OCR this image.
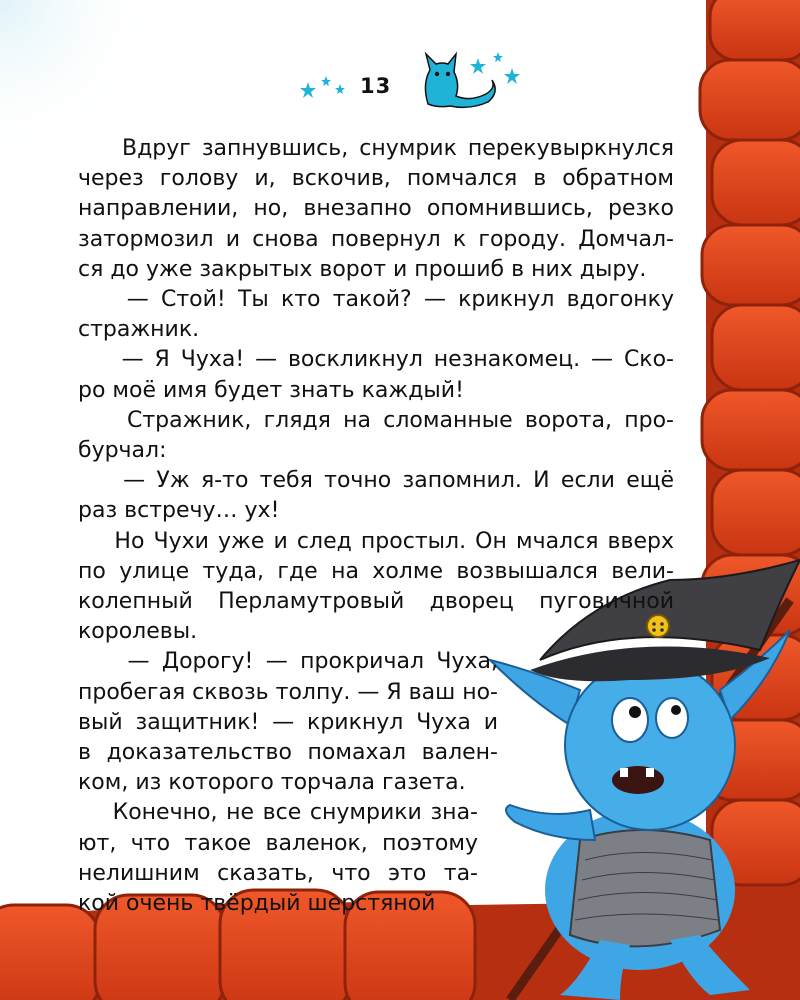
13
Вдруг запнувшись, снумрик перекувыркнулся
через голову и, вскочив, помчался в обратном
направлении, но, внезапно опомнившись, резко
затормозил и снова повернул к городу. Домчал-
ся до уже закрытых ворот и прошиб в них дыру.
— Стой! Ты кто такой? — крикнул вдогонку
стражник.
— Я Чуха! — воскликнул незнакомец. — Ско-
ро моё имя будет знать каждый!
Стражник, глядя на сломанные ворота, про-
бурчал:
— Уж я-то тебя точно запомнил. И если ещё
раз встречу… ух!
Но Чухи уже и след простыл. Он мчался вверх
по улице туда, где на холме возвышался вели-
колепный Перламутровый дворец пуговичной
королевы.
— Дорогу! — прокричал Чуха,
пробегая сквозь толпу. — Я ваш но-
вый защитник! — крикнул Чуха и
в доказательство помахал вален-
ком, из которого торчала газета.
Конечно, не все снумрики зна-
ют, что такое валенок, поэтому
нелишним сказать, что это та-
кой очень твёрдый шерстяной
